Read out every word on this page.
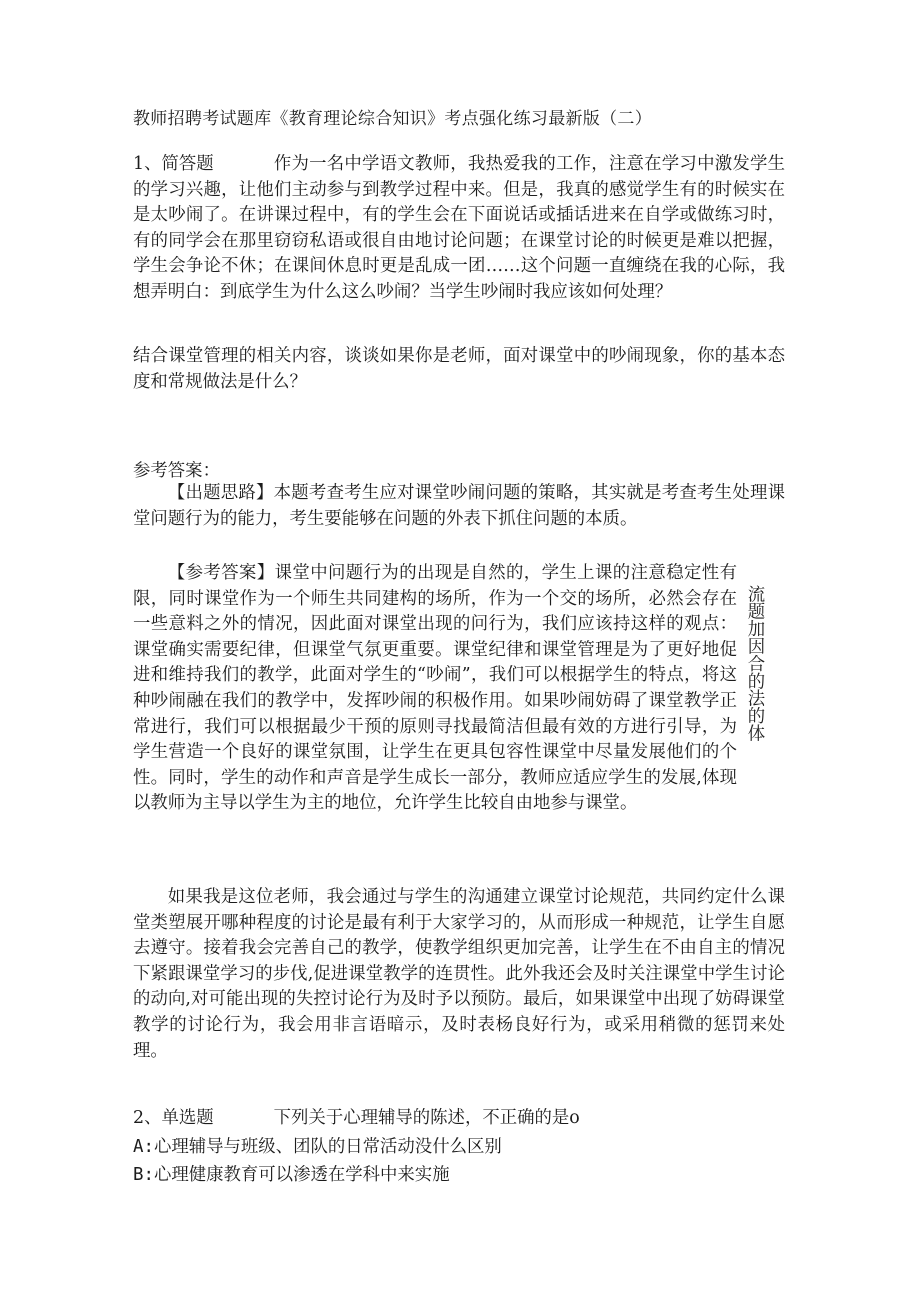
教师招聘考试题库《教育理论综合知识》考点强化练习最新版（二）
1、简答题	作为一名中学语文教师，我热爱我的工作，注意在学习中激发学生的学习兴趣，让他们主动参与到教学过程中来。但是，我真的感觉学生有的时候实在是太吵闹了。在讲课过程中，有的学生会在下面说话或插话进来在自学或做练习时，有的同学会在那里窃窃私语或很自由地讨论问题；在课堂讨论的时候更是难以把握，学生会争论不休；在课间休息时更是乱成一团……这个问题一直缠绕在我的心际，我想弄明白：到底学生为什么这么吵闹？当学生吵闹时我应该如何处理？
结合课堂管理的相关内容，谈谈如果你是老师，面对课堂中的吵闹现象，你的基本态度和常规做法是什么？
参考答案：
【出题思路】本题考查考生应对课堂吵闹问题的策略，其实就是考查考生处理课堂问题行为的能力，考生要能够在问题的外表下抓住问题的本质。
【参考答案】课堂中问题行为的出现是自然的，学生上课的注意稳定性有限，同时课堂作为一个师生共同建构的场所，作为一个交的场所，必然会存在一些意料之外的情况，因此面对课堂出现的问行为，我们应该持这样的观点：课堂确实需要纪律，但课堂气氛更重要。课堂纪律和课堂管理是为了更好地促进和维持我们的教学，此面对学生的“吵闹”，我们可以根据学生的特点，将这种吵闹融在我们的教学中，发挥吵闹的积极作用。如果吵闹妨碍了课堂教学正常进行，我们可以根据最少干预的原则寻找最简洁但最有效的方进行引导，为学生营造一个良好的课堂氛围，让学生在更具包容性课堂中尽量发展他们的个性。同时，学生的动作和声音是学生成长一部分，教师应适应学生的发展,体现以教师为主导以学生为主的地位，允许学生比较自由地参与课堂。
流题加因合的法的体
如果我是这位老师，我会通过与学生的沟通建立课堂讨论规范，共同约定什么课堂类塑展开哪种程度的讨论是最有利于大家学习的，从而形成一种规范，让学生自愿去遵守。接着我会完善自己的教学，使教学组织更加完善，让学生在不由自主的情况下紧跟课堂学习的步伐,促进课堂教学的连贯性。此外我还会及时关注课堂中学生讨论的动向,对可能出现的失控讨论行为及时予以预防。最后，如果课堂中出现了妨碍课堂教学的讨论行为，我会用非言语暗示，及时表杨良好行为，或采用稍微的惩罚来处理。
2、单选题	下列关于心理辅导的陈述，不正确的是o
A:心理辅导与班级、团队的日常活动没什么区别
B:心理健康教育可以渗透在学科中来实施
